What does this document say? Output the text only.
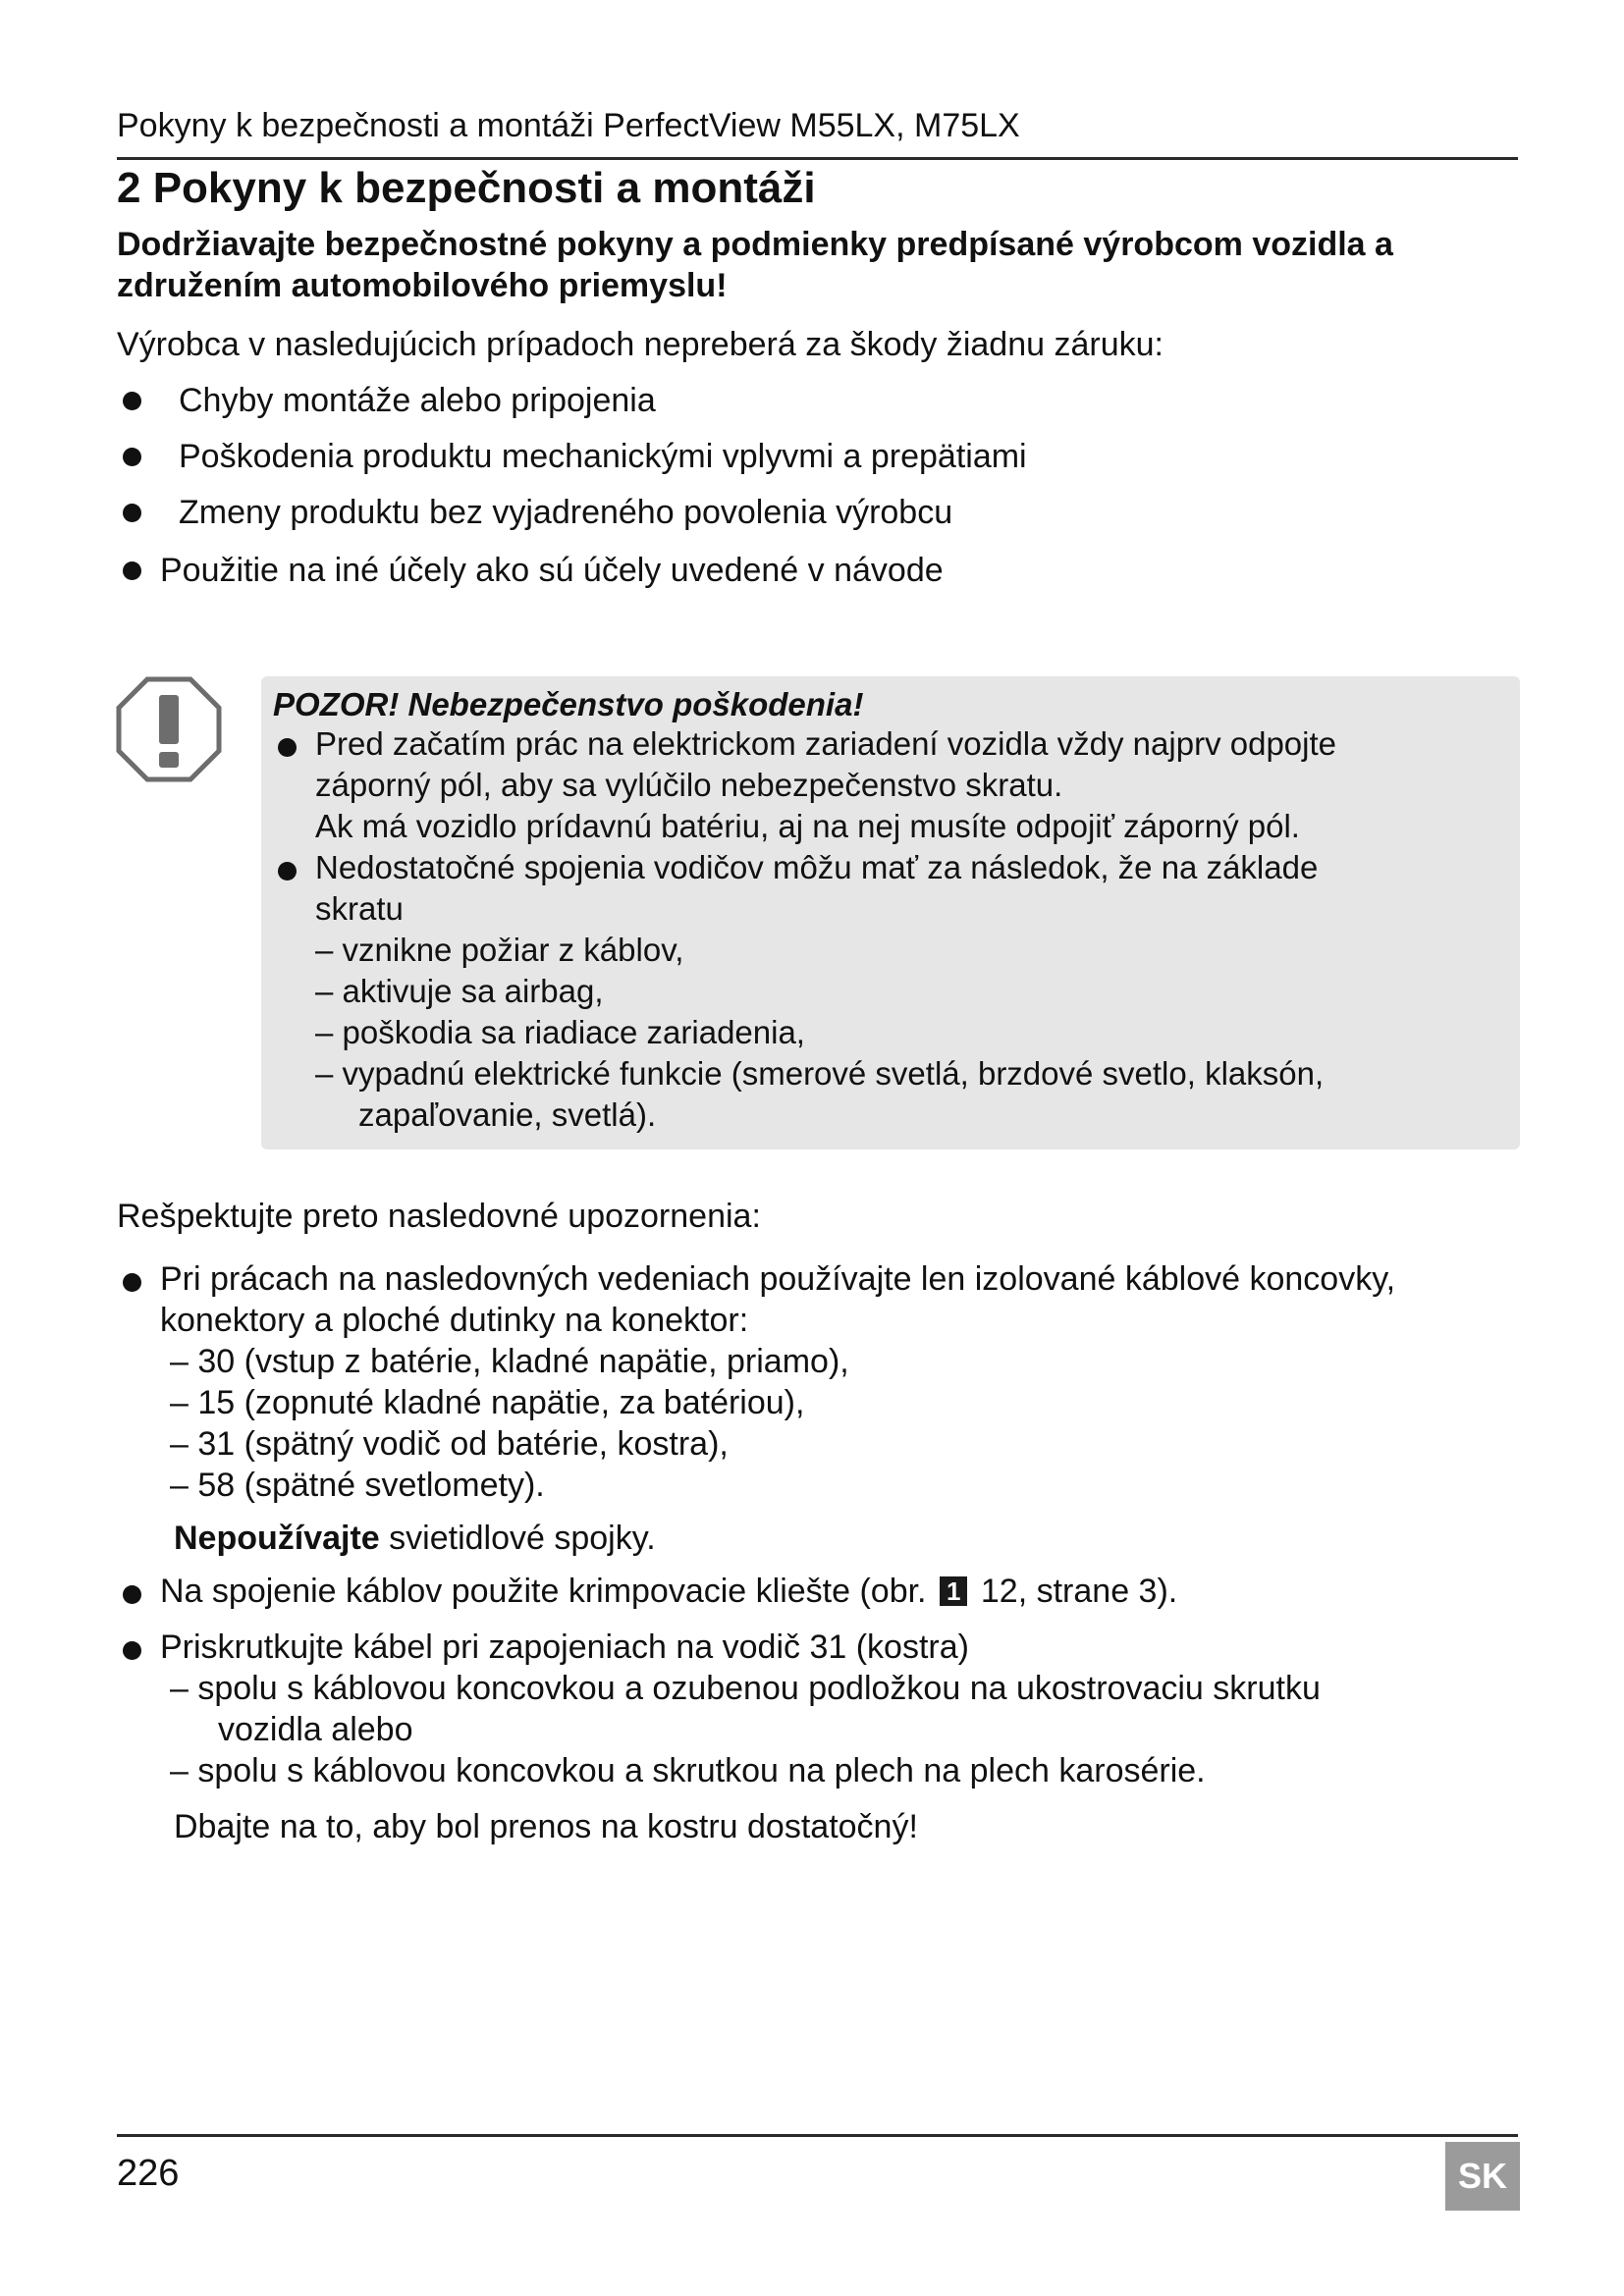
Pokyny k bezpečnosti a montáži PerfectView M55LX, M75LX
2 Pokyny k bezpečnosti a montáži

Dodržiavajte bezpečnostné pokyny a podmienky predpísané výrobcom vozidla a združením automobilového priemyslu!

Výrobca v nasledujúcich prípadoch nepreberá za škody žiadnu záruku:

Chyby montáže alebo pripojenia
Poškodenia produktu mechanickými vplyvmi a prepätiami
Zmeny produktu bez vyjadreného povolenia výrobcu
Použitie na iné účely ako sú účely uvedené v návode
POZOR! Nebezpečenstvo poškodenia!
Pred začatím prác na elektrickom zariadení vozidla vždy najprv odpojte
záporný pól, aby sa vylúčilo nebezpečenstvo skratu.
Ak má vozidlo prídavnú batériu, aj na nej musíte odpojiť záporný pól.
Nedostatočné spojenia vodičov môžu mať za následok, že na základe
skratu
– vznikne požiar z káblov,
– aktivuje sa airbag,
– poškodia sa riadiace zariadenia,
– vypadnú elektrické funkcie (smerové svetlá, brzdové svetlo, klaksón,
zapaľovanie, svetlá).
Rešpektujte preto nasledovné upozornenia:
Pri prácach na nasledovných vedeniach používajte len izolované káblové koncovky,
konektory a ploché dutinky na konektor:
– 30 (vstup z batérie, kladné napätie, priamo),
– 15 (zopnuté kladné napätie, za batériou),
– 31 (spätný vodič od batérie, kostra),
– 58 (spätné svetlomety).
Nepoužívajte svietidlové spojky.
Na spojenie káblov použite krimpovacie kliešte (obr. 1 12, strane 3).
Priskrutkujte kábel pri zapojeniach na vodič 31 (kostra)
– spolu s káblovou koncovkou a ozubenou podložkou na ukostrovaciu skrutku
vozidla alebo
– spolu s káblovou koncovkou a skrutkou na plech na plech karosérie.
Dbajte na to, aby bol prenos na kostru dostatočný!
226	SK
